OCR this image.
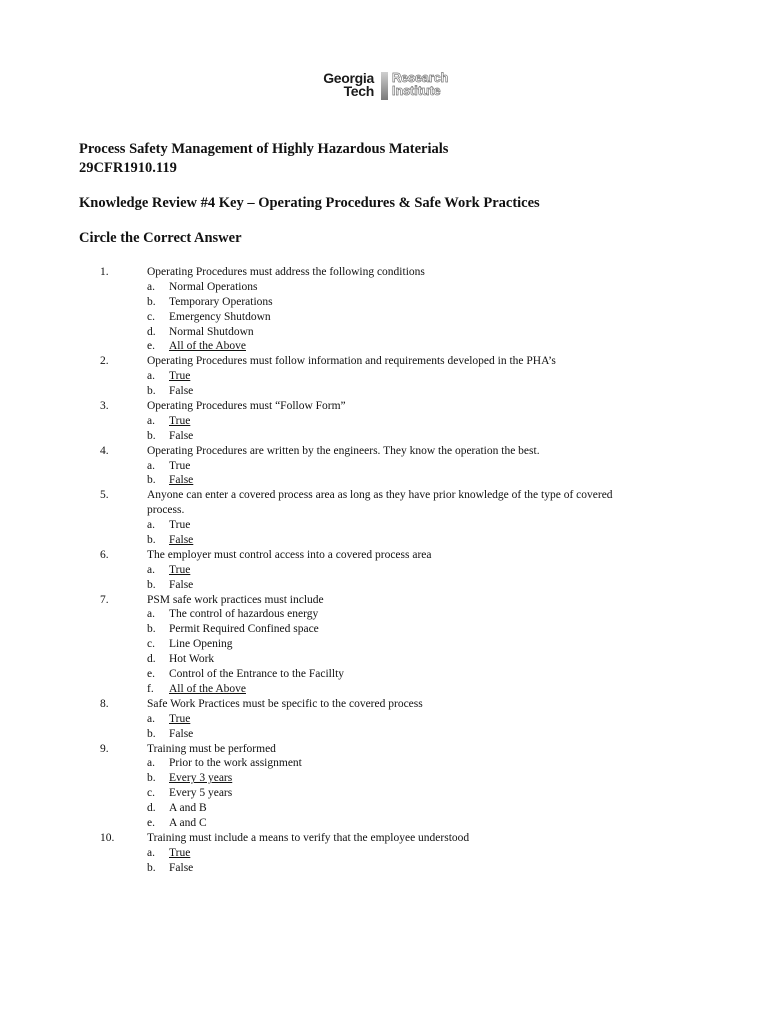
Georgia
Tech
Research
Institute

Process Safety Management of Highly Hazardous Materials

29CFR1910.119

Knowledge Review #4 Key – Operating Procedures & Safe Work Practices

Circle the Correct Answer

1.	Operating Procedures must address the following conditions
a. Normal Operations
b. Temporary Operations
c. Emergency Shutdown
d. Normal Shutdown
e. All of the Above
2.	Operating Procedures must follow information and requirements developed in the PHA’s
a. True
b. False
3.	Operating Procedures must “Follow Form”
a. True
b. False
4.	Operating Procedures are written by the engineers. They know the operation the best.
a. True
b. False
5.	Anyone can enter a covered process area as long as they have prior knowledge of the type of covered
process.
a. True
b. False
6.	The employer must control access into a covered process area
a. True
b. False
7.	PSM safe work practices must include
a. The control of hazardous energy
b. Permit Required Confined space
c. Line Opening
d. Hot Work
e. Control of the Entrance to the Facillty
f. All of the Above
8.	Safe Work Practices must be specific to the covered process
a. True
b. False
9.	Training must be performed
a. Prior to the work assignment
b. Every 3 years
c. Every 5 years
d. A and B
e. A and C
10.	Training must include a means to verify that the employee understood
a. True
b. False
